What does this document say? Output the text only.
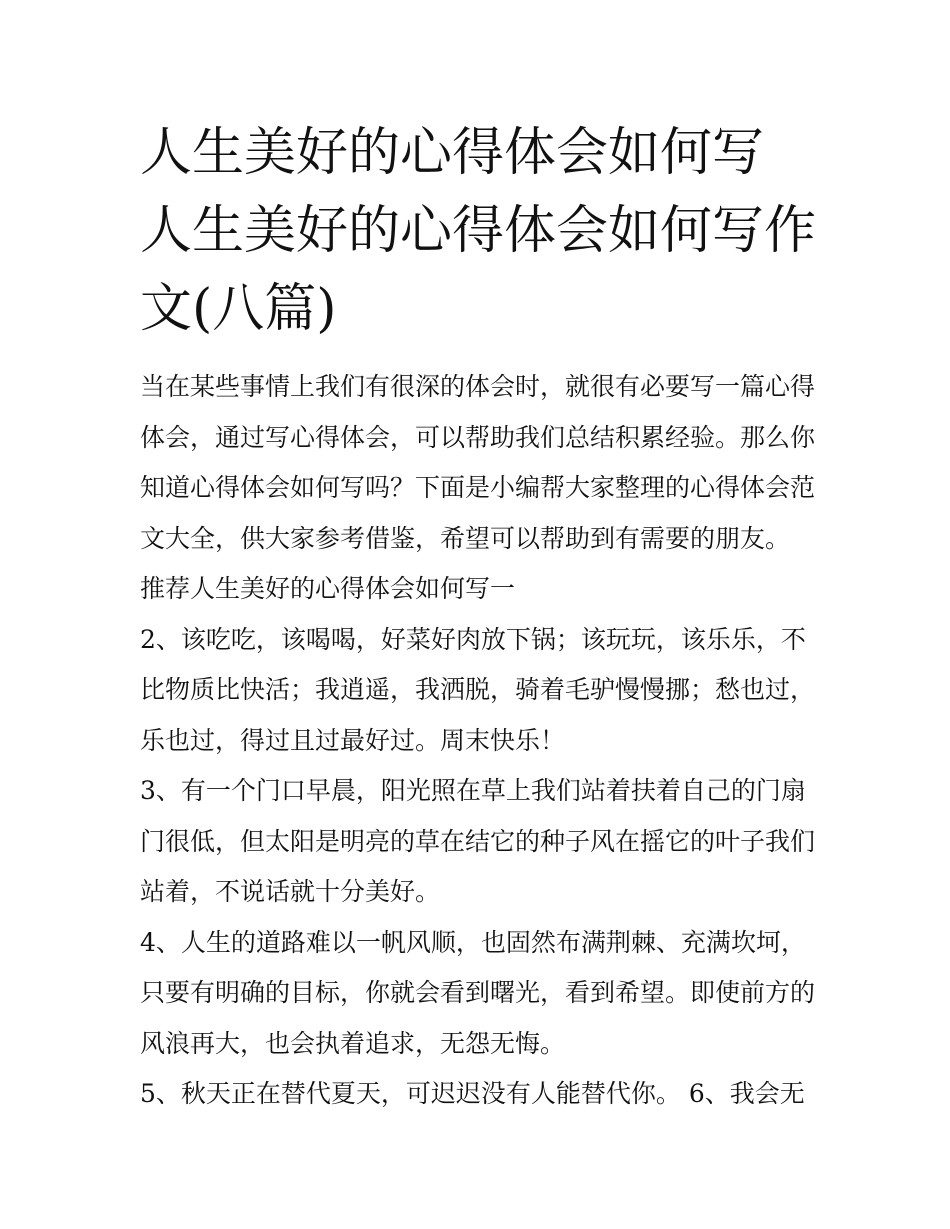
人生美好的心得体会如何写 人生美好的心得体会如何写作文(八篇)

当在某些事情上我们有很深的体会时，就很有必要写一篇心得体会，通过写心得体会，可以帮助我们总结积累经验。那么你知道心得体会如何写吗？下面是小编帮大家整理的心得体会范文大全，供大家参考借鉴，希望可以帮助到有需要的朋友。

推荐人生美好的心得体会如何写一

2、该吃吃，该喝喝，好菜好肉放下锅；该玩玩，该乐乐，不比物质比快活；我逍遥，我洒脱，骑着毛驴慢慢挪；愁也过，乐也过，得过且过最好过。周末快乐！

3、有一个门口早晨，阳光照在草上我们站着扶着自己的门扇门很低，但太阳是明亮的草在结它的种子风在摇它的叶子我们站着，不说话就十分美好。

4、人生的道路难以一帆风顺，也固然布满荆棘、充满坎坷，只要有明确的目标，你就会看到曙光，看到希望。即使前方的风浪再大，也会执着追求，无怨无悔。

5、秋天正在替代夏天，可迟迟没有人能替代你。 6、我会无
